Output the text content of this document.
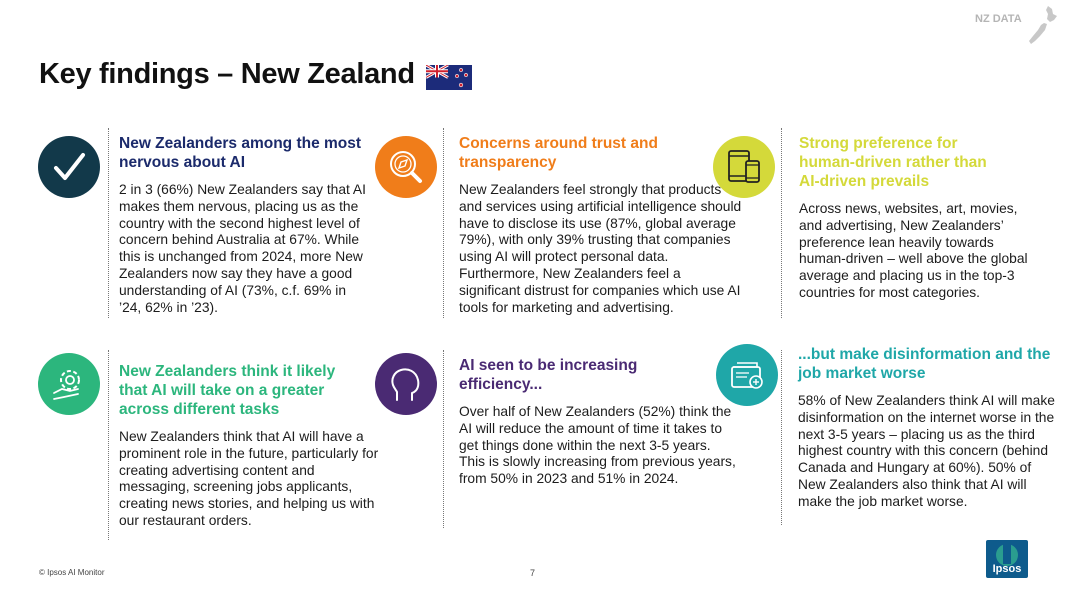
Key findings – New Zealand
NZ DATA

New Zealanders among the most nervous about AI

2 in 3 (66%) New Zealanders say that AI makes them nervous, placing us as the country with the second highest level of concern behind Australia at 67%. While this is unchanged from 2024, more New Zealanders now say they have a good understanding of AI (73%, c.f. 69% in ’24, 62% in ’23).

Concerns around trust and transparency

New Zealanders feel strongly that products and services using artificial intelligence should have to disclose its use (87%, global average 79%), with only 39% trusting that companies using AI will protect personal data. Furthermore, New Zealanders feel a significant distrust for companies which use AI tools for marketing and advertising.

Strong preference for human-driven rather than AI-driven prevails

Across news, websites, art, movies, and advertising, New Zealanders’ preference lean heavily towards human-driven – well above the global average and placing us in the top-3 countries for most categories.

New Zealanders think it likely that AI will take on a greater across different tasks

New Zealanders think that AI will have a prominent role in the future, particularly for creating advertising content and messaging, screening jobs applicants, creating news stories, and helping us with our restaurant orders.

AI seen to be increasing efficiency...

Over half of New Zealanders (52%) think the AI will reduce the amount of time it takes to get things done within the next 3-5 years. This is slowly increasing from previous years, from 50% in 2023 and 51% in 2024.

...but make disinformation and the job market worse

58% of New Zealanders think AI will make disinformation on the internet worse in the next 3-5 years – placing us as the third highest country with this concern (behind Canada and Hungary at 60%). 50% of New Zealanders also think that AI will make the job market worse.

© Ipsos AI Monitor	7	Ipsos
